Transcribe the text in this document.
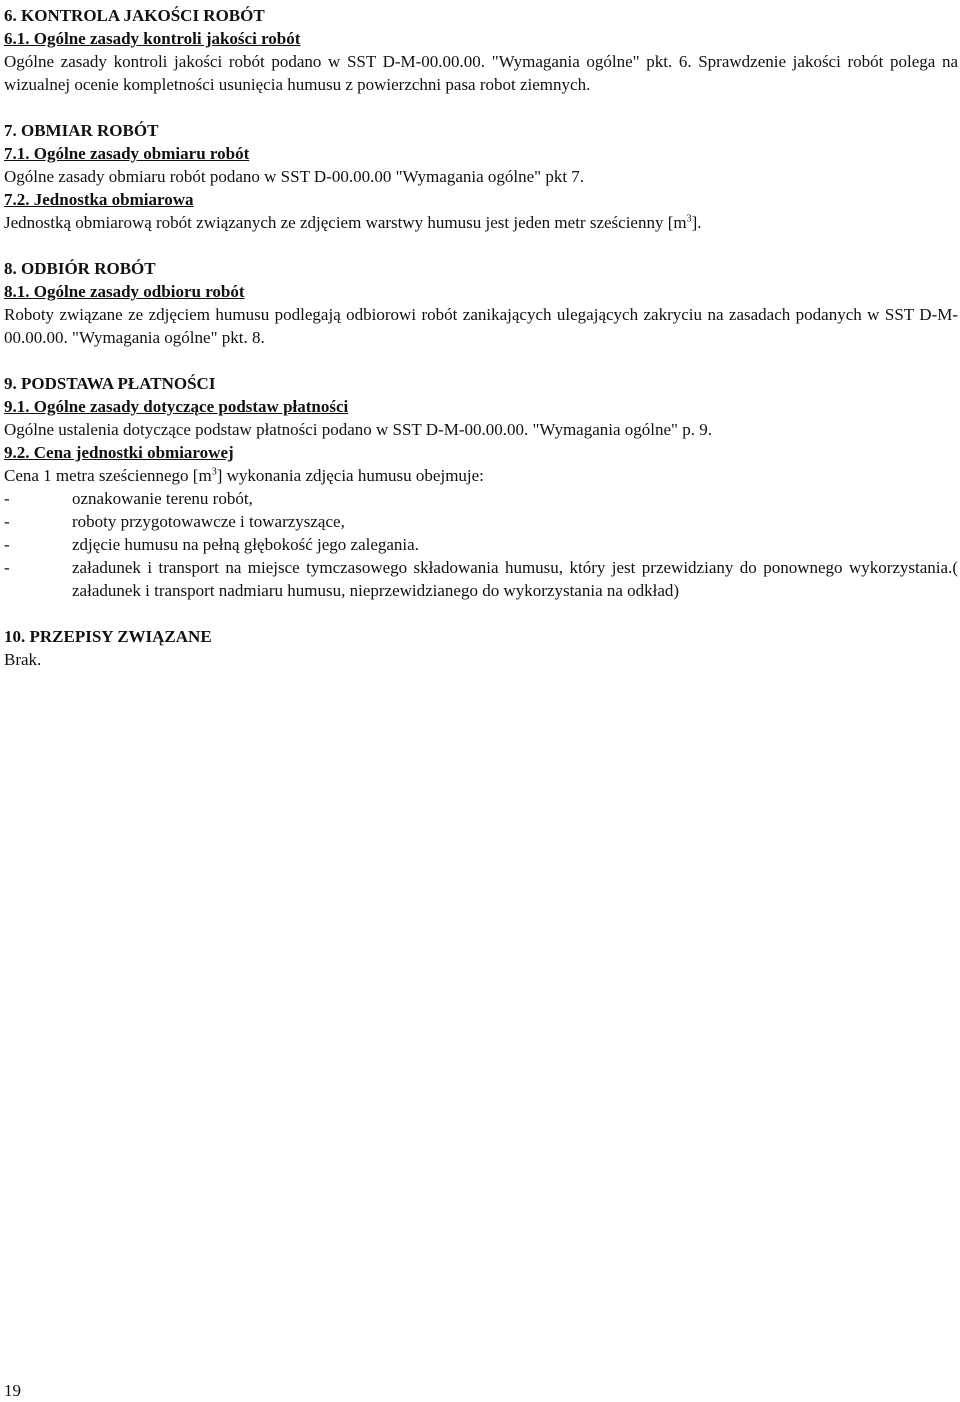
6. KONTROLA JAKOŚCI ROBÓT

6.1. Ogólne zasady kontroli jakości robót

Ogólne zasady kontroli jakości robót podano w SST D-M-00.00.00. "Wymagania ogólne" pkt. 6. Sprawdzenie jakości robót polega na wizualnej ocenie kompletności usunięcia humusu z powierzchni pasa robot ziemnych.

7. OBMIAR ROBÓT

7.1. Ogólne zasady obmiaru robót

Ogólne zasady obmiaru robót podano w SST D-00.00.00 "Wymagania ogólne" pkt 7.

7.2. Jednostka obmiarowa

Jednostką obmiarową robót związanych ze zdjęciem warstwy humusu jest jeden metr sześcienny $[m^3]$.

8. ODBIÓR ROBÓT

8.1. Ogólne zasady odbioru robót

Roboty związane ze zdjęciem humusu podlegają odbiorowi robót zanikających ulegających zakryciu na zasadach podanych w SST D-M-00.00.00. "Wymagania ogólne" pkt. 8.

9. PODSTAWA PŁATNOŚCI

9.1. Ogólne zasady dotyczące podstaw płatności

Ogólne ustalenia dotyczące podstaw płatności podano w SST D-M-00.00.00. "Wymagania ogólne" p. 9.

9.2. Cena jednostki obmiarowej

Cena 1 metra sześciennego $[m^3]$ wykonania zdjęcia humusu obejmuje:

-	oznakowanie terenu robót,
-	roboty przygotowawcze i towarzyszące,
-	zdjęcie humusu na pełną głębokość jego zalegania.
-	załadunek i transport na miejsce tymczasowego składowania humusu, który jest przewidziany do ponownego wykorzystania.( załadunek i transport nadmiaru humusu, nieprzewidzianego do wykorzystania na odkład)

10. PRZEPISY ZWIĄZANE

Brak.

19
